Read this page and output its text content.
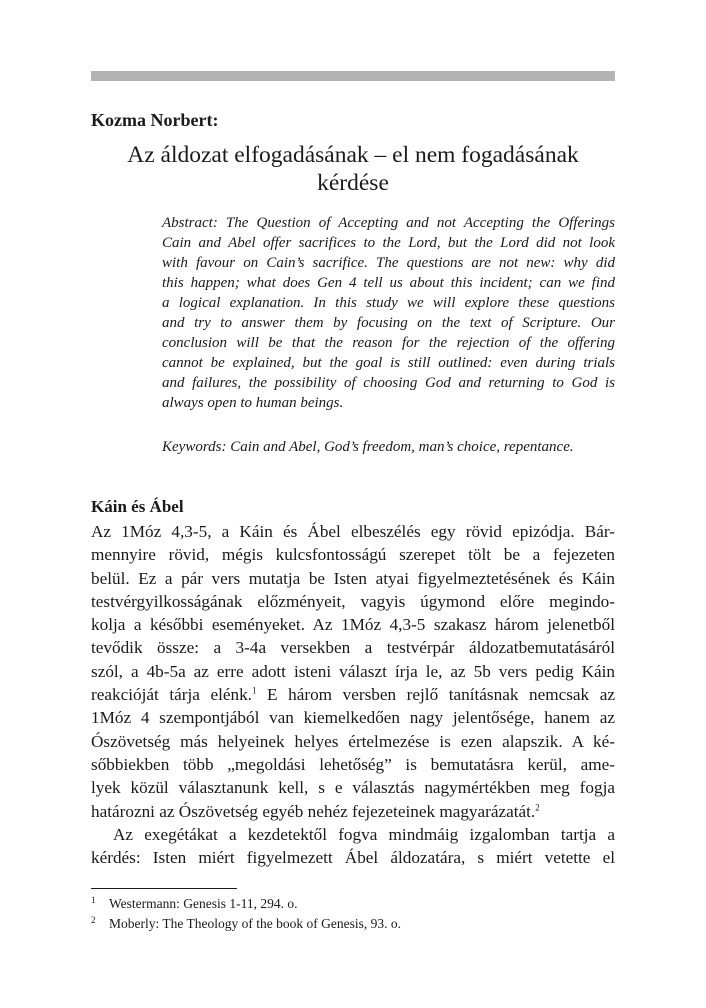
Kozma Norbert:
Az áldozat elfogadásának – el nem fogadásának
kérdése
Abstract: The Question of Accepting and not Accepting the Offerings
Cain and Abel offer sacrifices to the Lord, but the Lord did not look
with favour on Cain’s sacrifice. The questions are not new: why did
this happen; what does Gen 4 tell us about this incident; can we find
a logical explanation. In this study we will explore these questions
and try to answer them by focusing on the text of Scripture. Our
conclusion will be that the reason for the rejection of the offering
cannot be explained, but the goal is still outlined: even during trials
and failures, the possibility of choosing God and returning to God is
always open to human beings.
Keywords: Cain and Abel, God’s freedom, man’s choice, repentance.
Káin és Ábel
Az 1Móz 4,3-5, a Káin és Ábel elbeszélés egy rövid epizódja. Bár-
mennyire rövid, mégis kulcsfontosságú szerepet tölt be a fejezeten
belül. Ez a pár vers mutatja be Isten atyai figyelmeztetésének és Káin
testvérgyilkosságának előzményeit, vagyis úgymond előre megindo-
kolja a későbbi eseményeket. Az 1Móz 4,3-5 szakasz három jelenetből
tevődik össze: a 3-4a versekben a testvérpár áldozatbemutatásáról
szól, a 4b-5a az erre adott isteni választ írja le, az 5b vers pedig Káin
reakcióját tárja elénk.$^1$ E három versben rejlő tanításnak nemcsak az
1Móz 4 szempontjából van kiemelkedően nagy jelentősége, hanem az
Ószövetség más helyeinek helyes értelmezése is ezen alapszik. A ké-
sőbbiekben több „megoldási lehetőség” is bemutatásra kerül, ame-
lyek közül választanunk kell, s e választás nagymértékben meg fogja
határozni az Ószövetség egyéb nehéz fejezeteinek magyarázatát.$^2$
Az exegétákat a kezdetektől fogva mindmáig izgalomban tartja a
kérdés: Isten miért figyelmezett Ábel áldozatára, s miért vetette el
1 Westermann: Genesis 1-11, 294. o.
2 Moberly: The Theology of the book of Genesis, 93. o.
